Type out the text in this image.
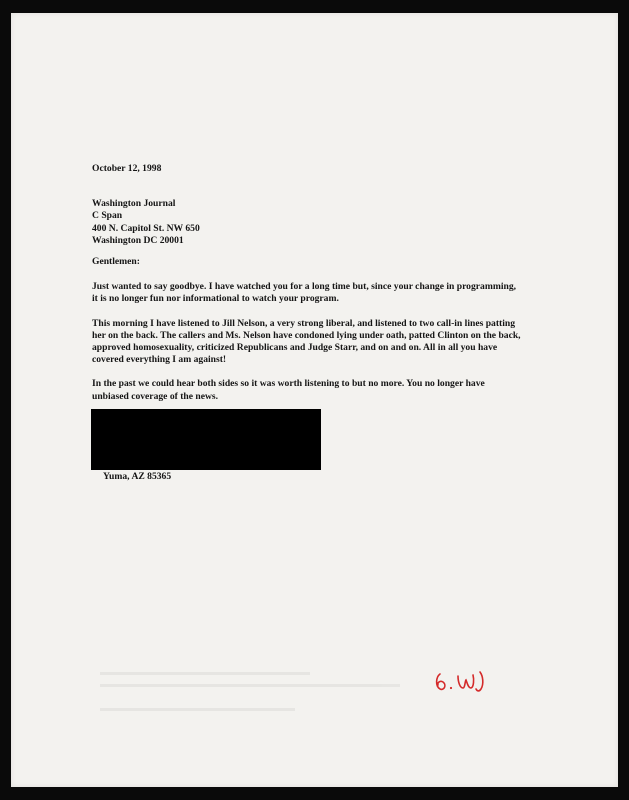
October 12, 1998

Washington Journal
C Span
400 N. Capitol St. NW 650
Washington DC 20001

Gentlemen:

Just wanted to say goodbye. I have watched you for a long time but, since your change in programming, it is no longer fun nor informational to watch your program.

This morning I have listened to Jill Nelson, a very strong liberal, and listened to two call-in lines patting her on the back. The callers and Ms. Nelson have condoned lying under oath, patted Clinton on the back, approved homosexuality, criticized Republicans and Judge Starr, and on and on. All in all you have covered everything I am against!

In the past we could hear both sides so it was worth listening to but no more. You no longer have unbiased coverage of the news.

Yuma, AZ 85365
